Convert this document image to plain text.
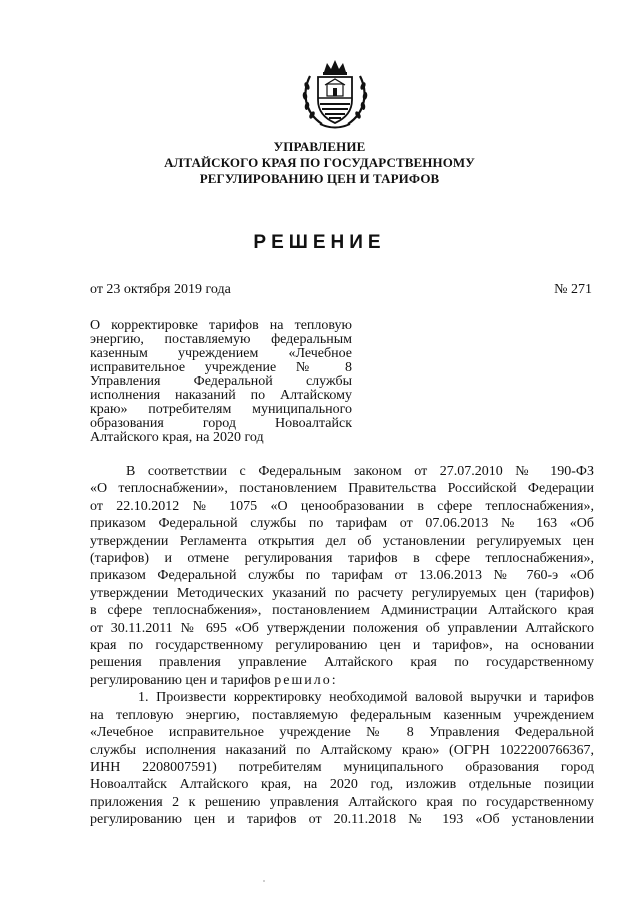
УПРАВЛЕНИЕ
АЛТАЙСКОГО КРАЯ ПО ГОСУДАРСТВЕННОМУ
РЕГУЛИРОВАНИЮ ЦЕН И ТАРИФОВ
РЕШЕНИЕ
от 23 октября 2019 года	№ 271
О корректировке тарифов на тепловую
энергию, поставляемую федеральным
казенным учреждением «Лечебное
исправительное учреждение № 8
Управления Федеральной службы
исполнения наказаний по Алтайскому
краю» потребителям муниципального
образования город Новоалтайск
Алтайского края, на 2020 год
В соответствии с Федеральным законом от 27.07.2010 № 190-ФЗ
«О теплоснабжении», постановлением Правительства Российской Федерации
от 22.10.2012 № 1075 «О ценообразовании в сфере теплоснабжения»,
приказом Федеральной службы по тарифам от 07.06.2013 № 163 «Об
утверждении Регламента открытия дел об установлении регулируемых цен
(тарифов) и отмене регулирования тарифов в сфере теплоснабжения»,
приказом Федеральной службы по тарифам от 13.06.2013 № 760-э «Об
утверждении Методических указаний по расчету регулируемых цен (тарифов)
в сфере теплоснабжения», постановлением Администрации Алтайского края
от 30.11.2011 № 695 «Об утверждении положения об управлении Алтайского
края по государственному регулированию цен и тарифов», на основании
решения правления управление Алтайского края по государственному
регулированию цен и тарифов решило:
1. Произвести корректировку необходимой валовой выручки и тарифов
на тепловую энергию, поставляемую федеральным казенным учреждением
«Лечебное исправительное учреждение № 8 Управления Федеральной
службы исполнения наказаний по Алтайскому краю» (ОГРН 1022200766367,
ИНН 2208007591) потребителям муниципального образования город
Новоалтайск Алтайского края, на 2020 год, изложив отдельные позиции
приложения 2 к решению управления Алтайского края по государственному
регулированию цен и тарифов от 20.11.2018 № 193 «Об установлении
